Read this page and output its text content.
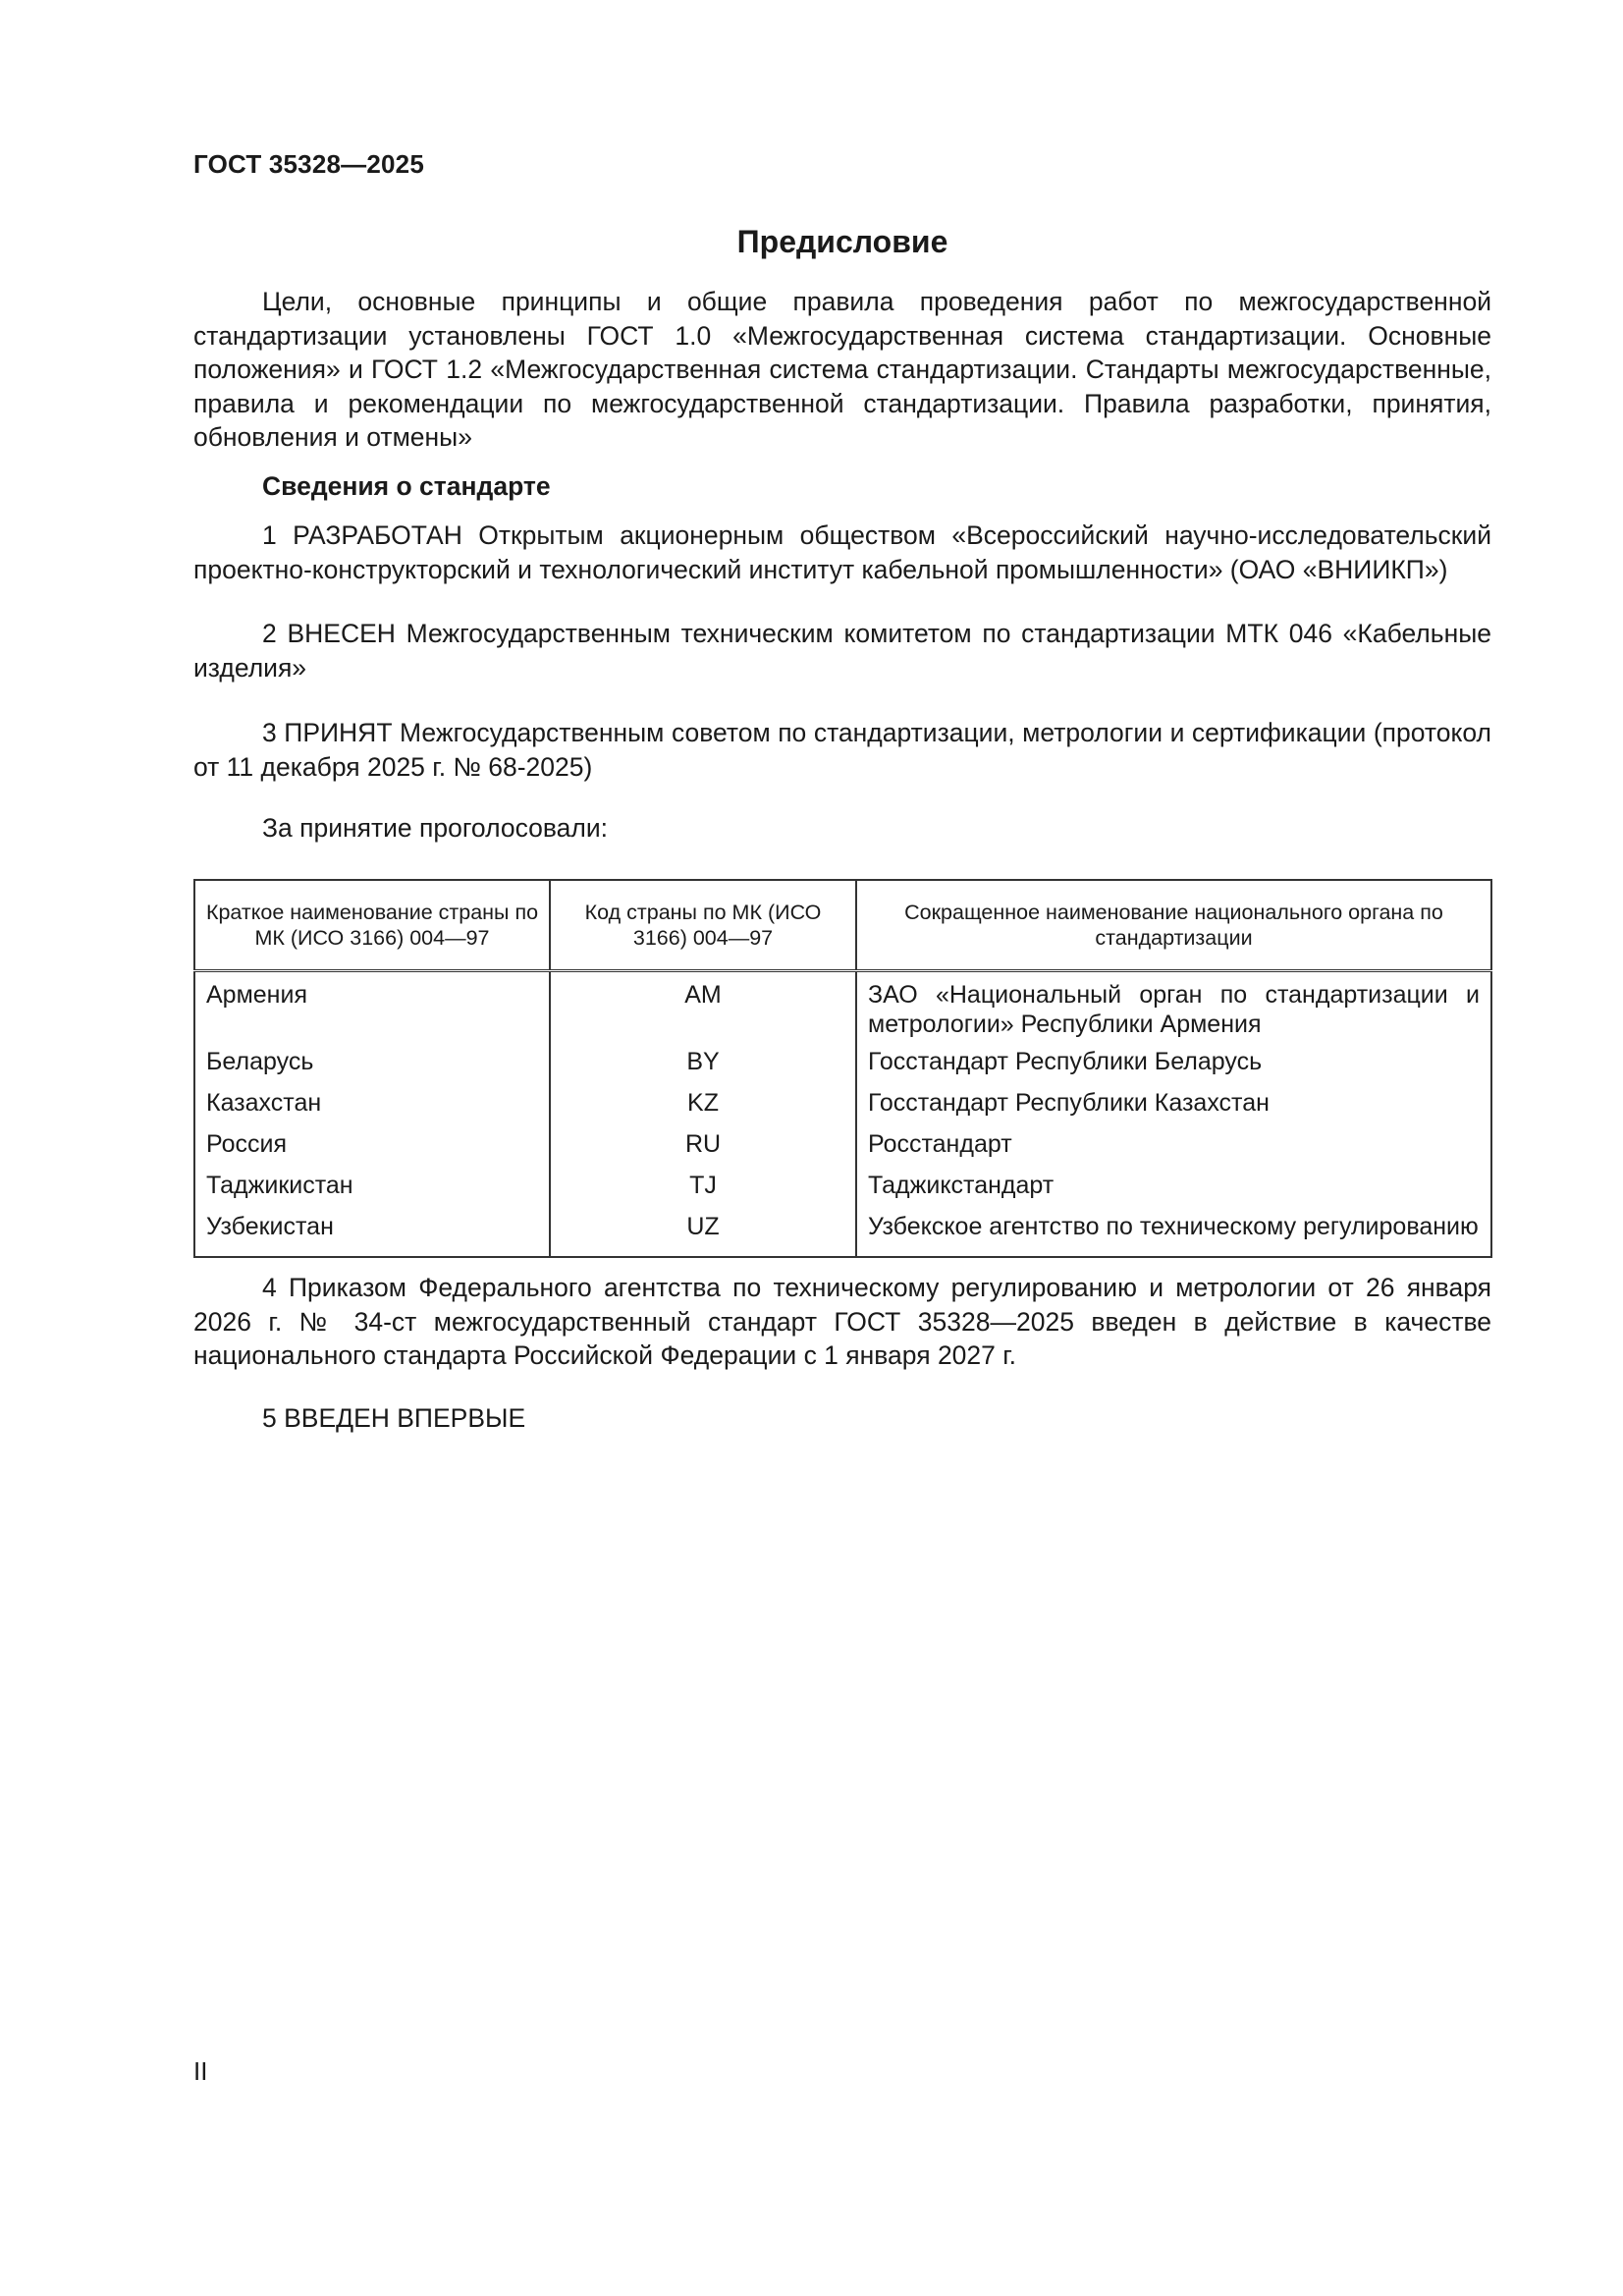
ГОСТ 35328—2025
Предисловие

Цели, основные принципы и общие правила проведения работ по межгосударственной стандартизации установлены ГОСТ 1.0 «Межгосударственная система стандартизации. Основные положения» и ГОСТ 1.2 «Межгосударственная система стандартизации. Стандарты межгосударственные, правила и рекомендации по межгосударственной стандартизации. Правила разработки, принятия, обновления и отмены»

Сведения о стандарте

1 РАЗРАБОТАН Открытым акционерным обществом «Всероссийский научно-исследовательский проектно-конструкторский и технологический институт кабельной промышленности» (ОАО «ВНИИКП»)

2 ВНЕСЕН Межгосударственным техническим комитетом по стандартизации МТК 046 «Кабельные изделия»

3 ПРИНЯТ Межгосударственным советом по стандартизации, метрологии и сертификации (протокол от 11 декабря 2025 г. № 68-2025)

За принятие проголосовали:

Краткое наименование страны по МК (ИСО 3166) 004—97	Код страны по МК (ИСО 3166) 004—97	Сокращенное наименование национального органа по стандартизации
Армения	AM	ЗАО «Национальный орган по стандартизации и метрологии» Республики Армения
Беларусь	BY	Госстандарт Республики Беларусь
Казахстан	KZ	Госстандарт Республики Казахстан
Россия	RU	Росстандарт
Таджикистан	TJ	Таджикстандарт
Узбекистан	UZ	Узбекское агентство по техническому регулированию

4 Приказом Федерального агентства по техническому регулированию и метрологии от 26 января 2026 г. № 34-ст межгосударственный стандарт ГОСТ 35328—2025 введен в действие в качестве национального стандарта Российской Федерации с 1 января 2027 г.

5 ВВЕДЕН ВПЕРВЫЕ

II
